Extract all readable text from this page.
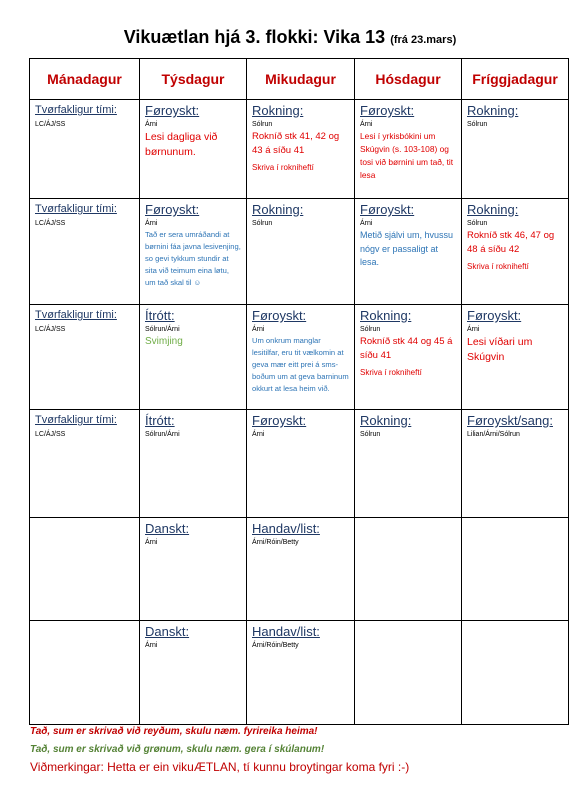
Vikuætlan hjá 3. flokki: Vika 13 (frá 23.mars)
Mánadagur	Týsdagur	Mikudagur	Hósdagur	Fríggjadagur

Tvørfakligur tími:
LC/ÁJ/SS	Føroyskt:
Árni
Lesi dagliga við børnunum.	Rokning:
Sólrun
Rokníð stk 41, 42 og 43 á síðu 41
Skriva í rokniheftí	Føroyskt:
Árni
Lesi í yrkisbókini um Skúgvin (s. 103-108) og tosi við børnini um tað, tit lesa	Rokning:
Sólrun

Tvørfakligur tími:
LC/ÁJ/SS	Føroyskt:
Árni
Tað er sera umráðandi at børnini fáa javna lesivenjing, so gevi tykkum stundir at sita við teimum eina løtu, um tað skal til ☺	Rokning:
Sólrun	Føroyskt:
Árni
Metið sjálvi um, hvussu nógv er passaligt at lesa.	Rokning:
Sólrun
Rokníð stk 46, 47 og 48 á síðu 42
Skriva í rokniheftí

Tvørfakligur tími:
LC/ÁJ/SS	Ítrótt:
Sólrun/Árni
Svimjing	Føroyskt:
Árni
Um onkrum manglar lesitilfar, eru tit vælkomin at geva mær eitt prei á sms-boðum um at geva barninum okkurt at lesa heim við.	Rokning:
Sólrun
Rokníð stk 44 og 45 á síðu 41
Skriva í rokniheftí	Føroyskt:
Árni
Lesi víðari um Skúgvin

Tvørfakligur tími:
LC/ÁJ/SS	Ítrótt:
Sólrun/Árni	Føroyskt:
Árni	Rokning:
Sólrun	Føroyskt/sang:
Lilian/Árni/Sólrun

	Danskt:
Árni	Handav/list:
Árni/Róin/Betty		

	Danskt:
Árni	Handav/list:
Árni/Róin/Betty		

Tað, sum er skrivað við reyðum, skulu næm. fyrireika heima!
Tað, sum er skrivað við grønum, skulu næm. gera í skúlanum!
Viðmerkingar: Hetta er ein vikuÆTLAN, tí kunnu broytingar koma fyri :-)
